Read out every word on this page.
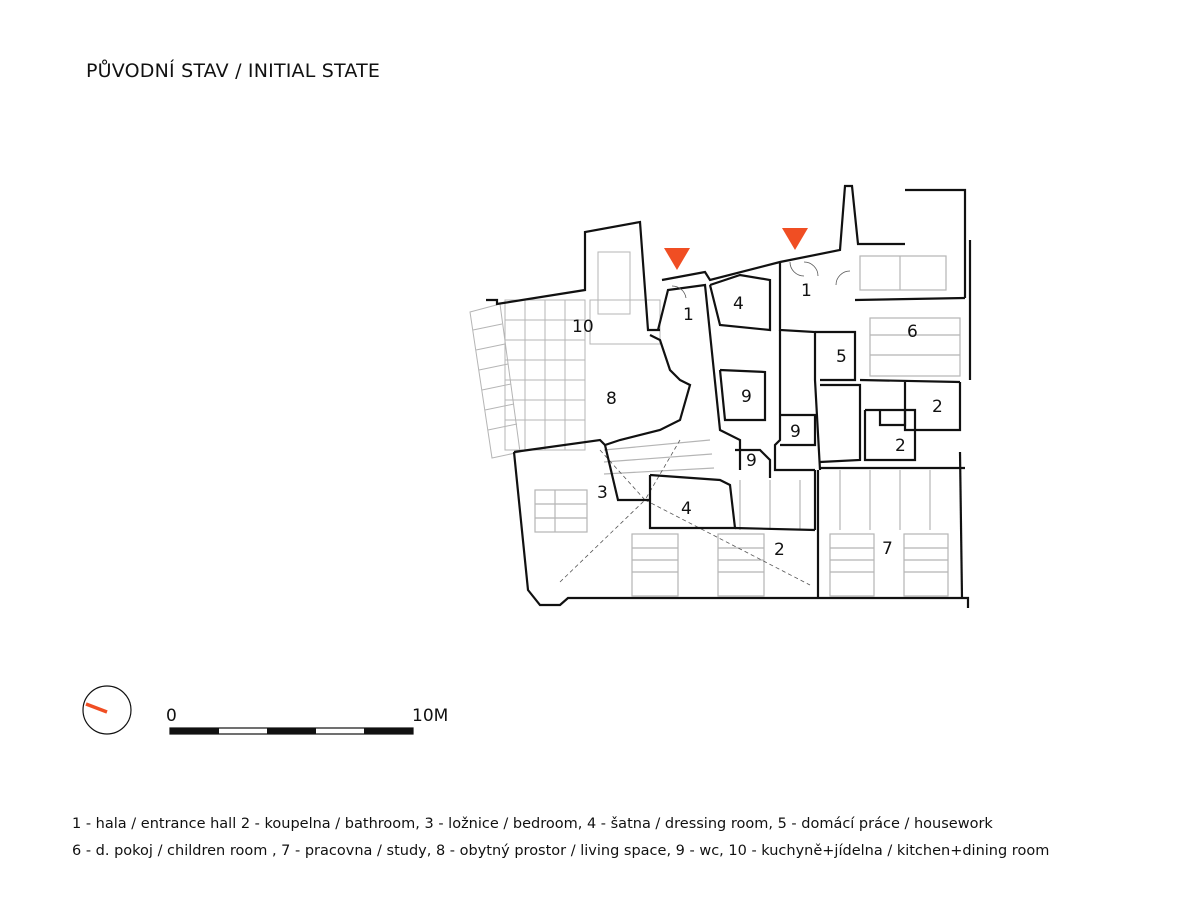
PŮVODNÍ STAV / INITIAL STATE
10
8
1
4
1
6
5
9	2
9
2
9
3
4
2	7
0	10M
1 - hala / entrance hall 2 - koupelna / bathroom, 3 - ložnice / bedroom, 4 - šatna / dressing room, 5 - domácí práce / housework
6 - d. pokoj / children room , 7 - pracovna / study, 8 - obytný prostor / living space, 9 - wc, 10 - kuchyně+jídelna / kitchen+dining room
